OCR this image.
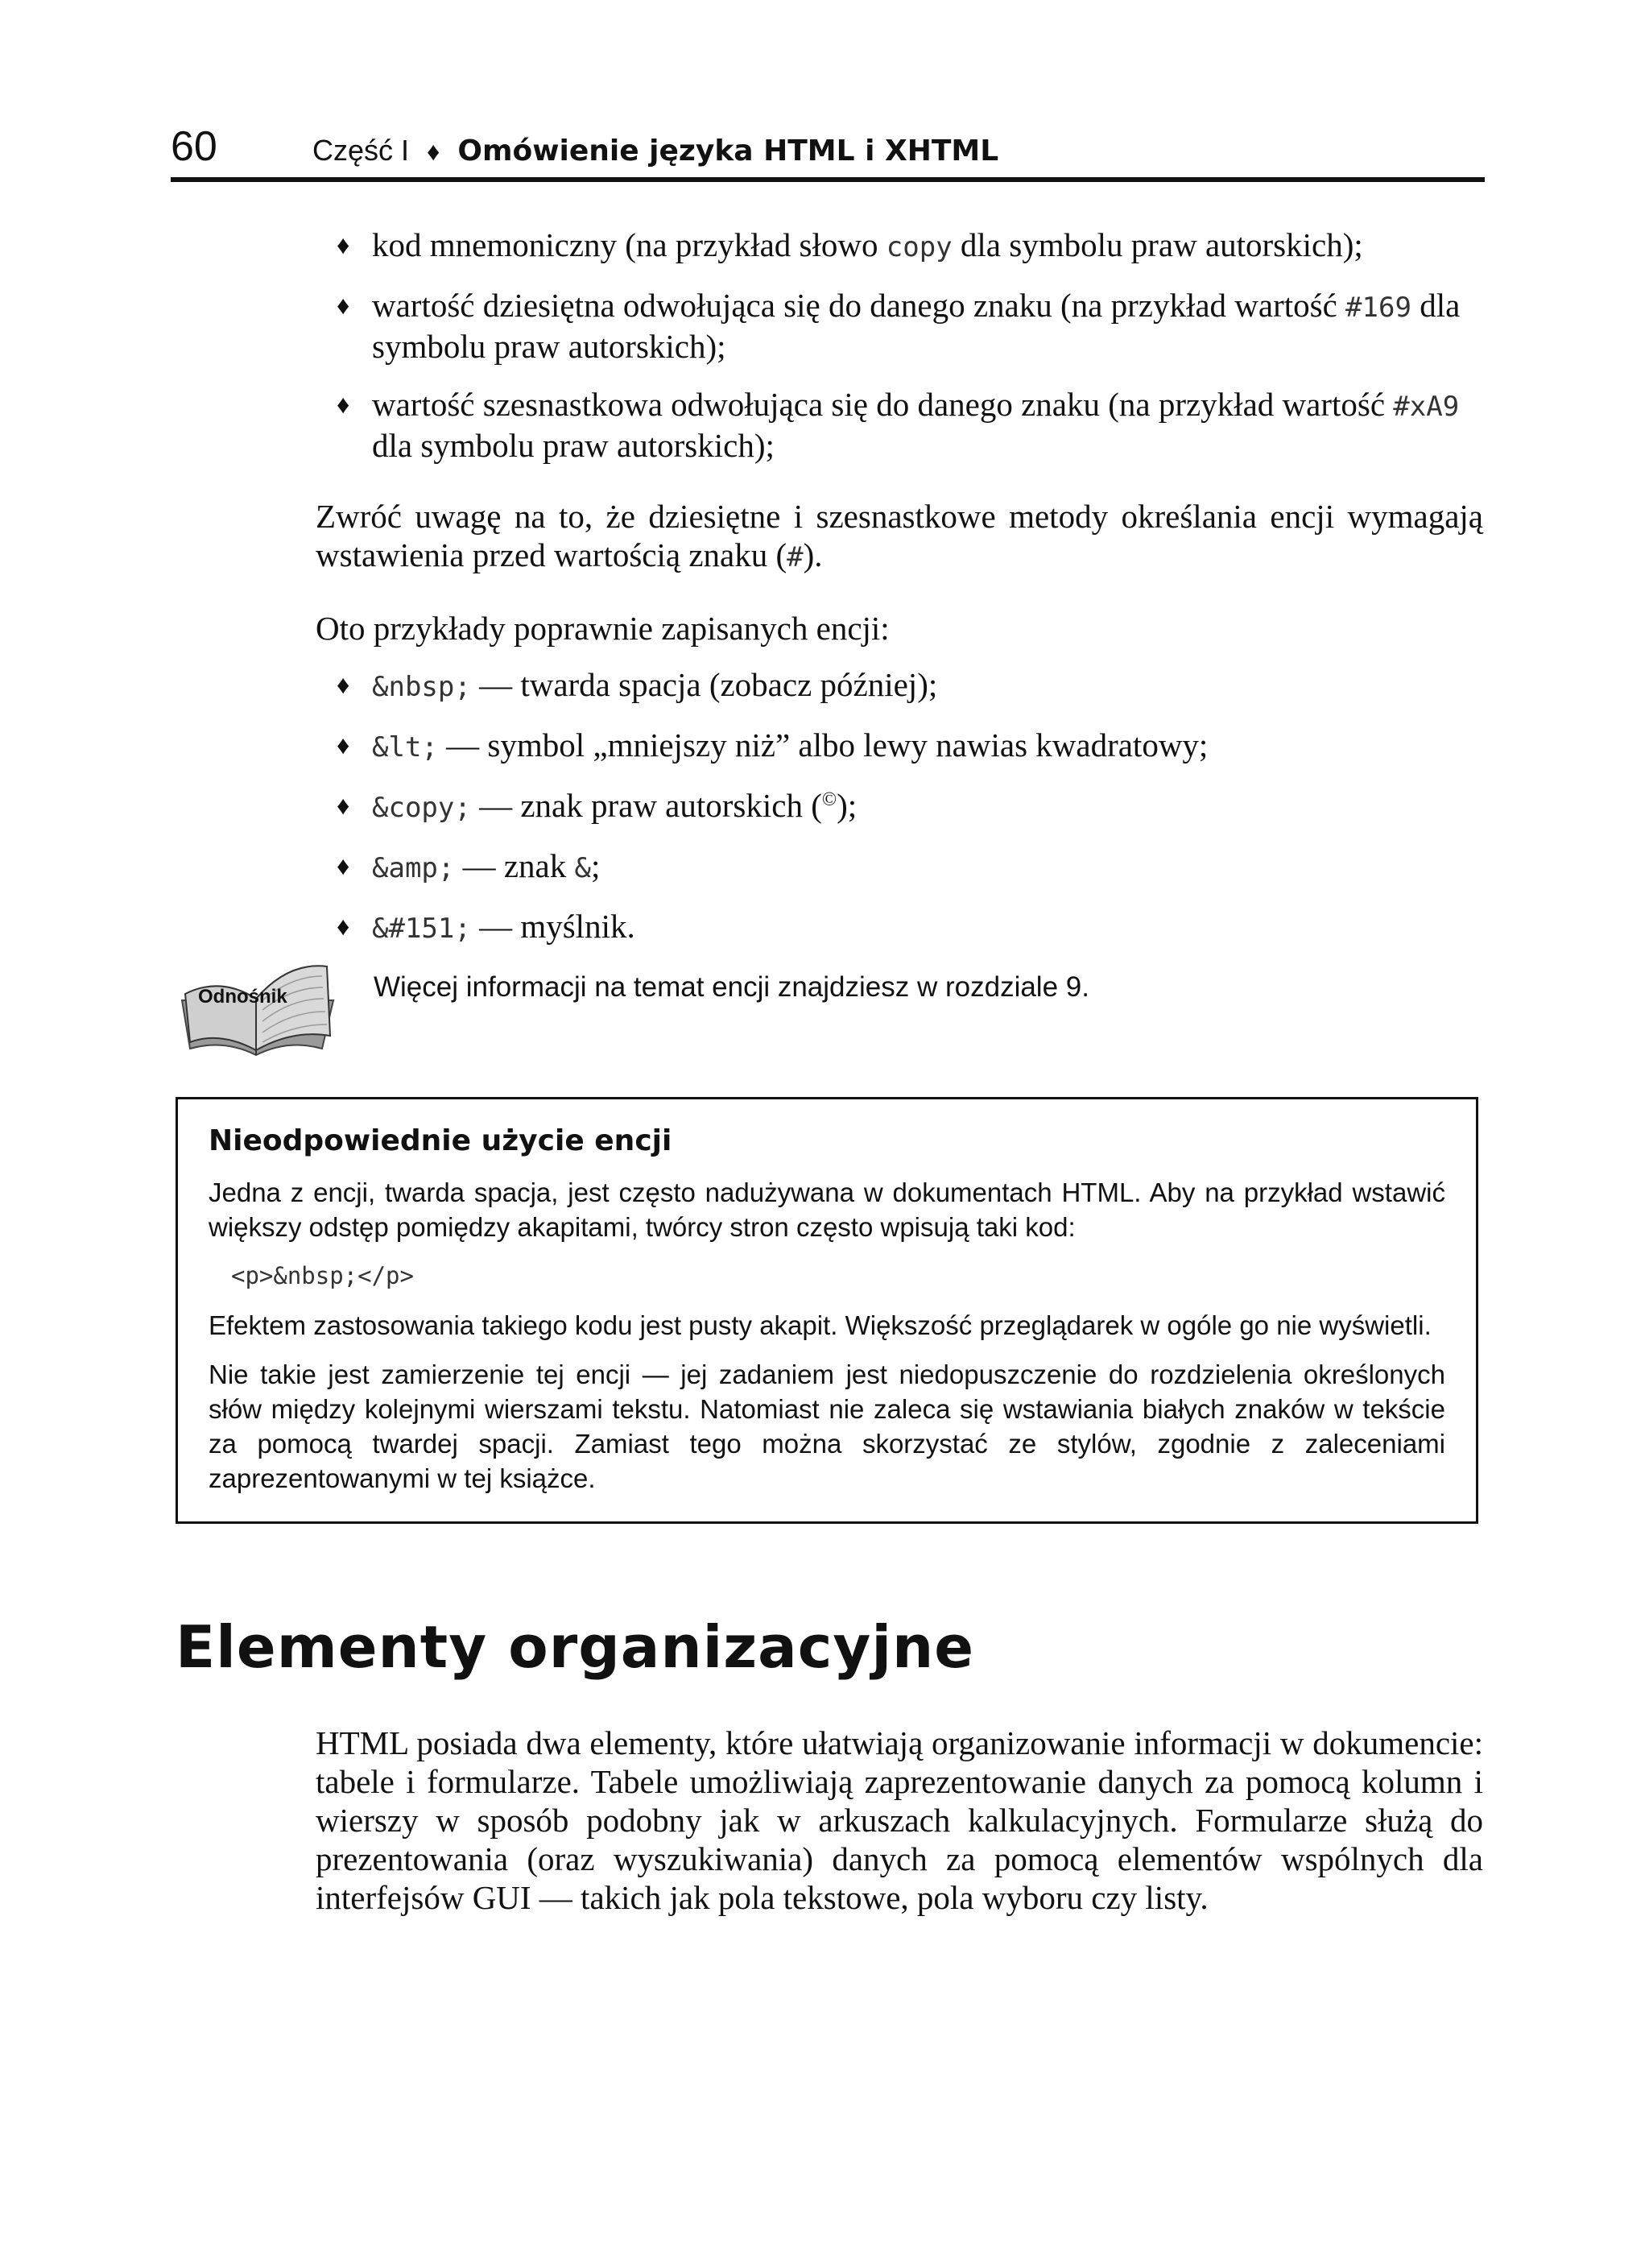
60	Część I ♦ Omówienie języka HTML i XHTML
♦ kod mnemoniczny (na przykład słowo copy dla symbolu praw autorskich);
♦ wartość dziesiętna odwołująca się do danego znaku (na przykład wartość #169 dla symbolu praw autorskich);
♦ wartość szesnastkowa odwołująca się do danego znaku (na przykład wartość #xA9 dla symbolu praw autorskich);

Zwróć uwagę na to, że dziesiętne i szesnastkowe metody określania encji wymagają wstawienia przed wartością znaku (#).

Oto przykłady poprawnie zapisanych encji:

♦ &nbsp; — twarda spacja (zobacz później);
♦ &lt; — symbol „mniejszy niż” albo lewy nawias kwadratowy;
♦ &copy; — znak praw autorskich (©);
♦ &amp; — znak &;
♦ &#151; — myślnik.
Odnośnik	Więcej informacji na temat encji znajdziesz w rozdziale 9.
Nieodpowiednie użycie encji

Jedna z encji, twarda spacja, jest często nadużywana w dokumentach HTML. Aby na przykład wstawić większy odstęp pomiędzy akapitami, twórcy stron często wpisują taki kod:

<p>&nbsp;</p>

Efektem zastosowania takiego kodu jest pusty akapit. Większość przeglądarek w ogóle go nie wyświetli.

Nie takie jest zamierzenie tej encji — jej zadaniem jest niedopuszczenie do rozdzielenia określonych słów między kolejnymi wierszami tekstu. Natomiast nie zaleca się wstawiania białych znaków w tekście za pomocą twardej spacji. Zamiast tego można skorzystać ze stylów, zgodnie z zaleceniami zaprezentowanymi w tej książce.

Elementy organizacyjne

HTML posiada dwa elementy, które ułatwiają organizowanie informacji w dokumencie: tabele i formularze. Tabele umożliwiają zaprezentowanie danych za pomocą kolumn i wierszy w sposób podobny jak w arkuszach kalkulacyjnych. Formularze służą do prezentowania (oraz wyszukiwania) danych za pomocą elementów wspólnych dla interfejsów GUI — takich jak pola tekstowe, pola wyboru czy listy.
